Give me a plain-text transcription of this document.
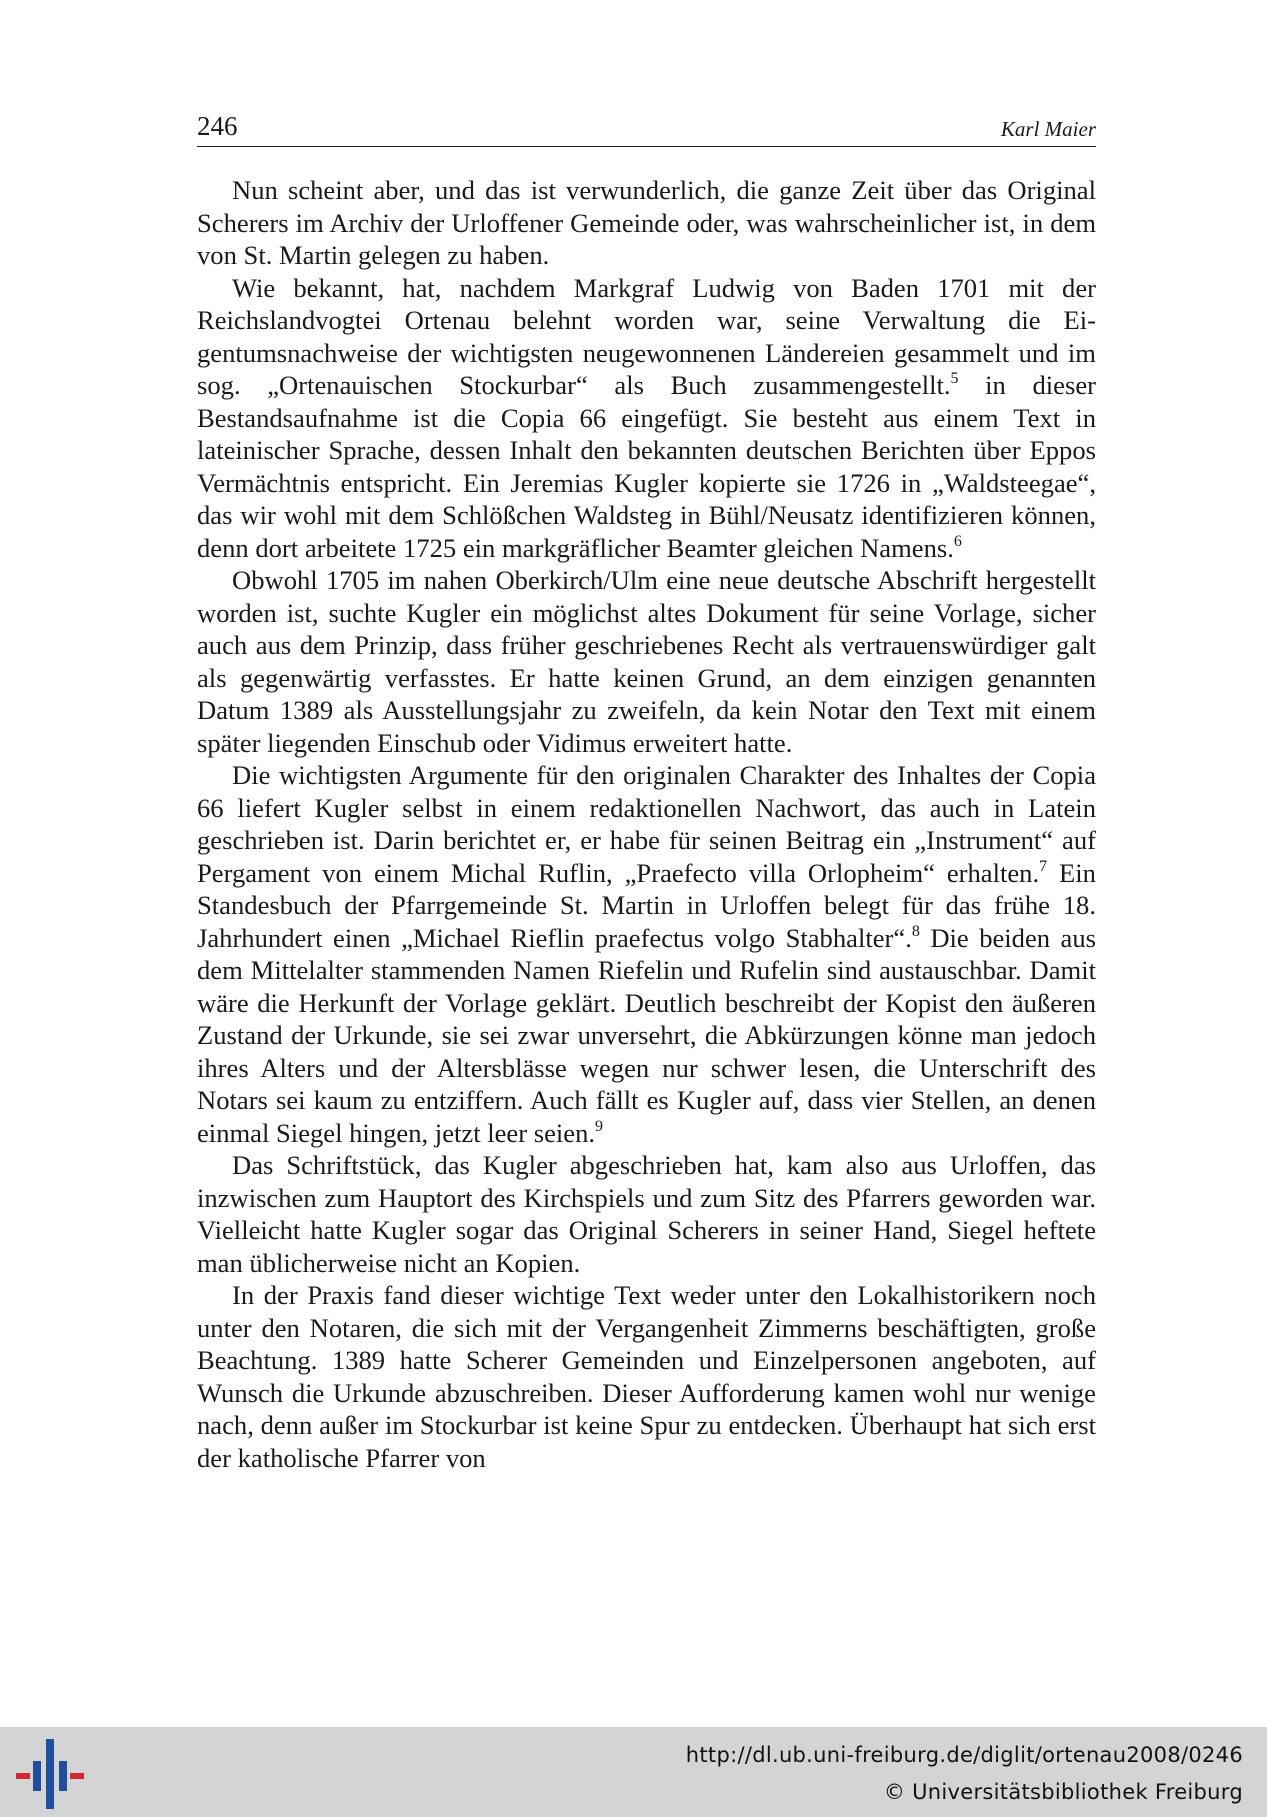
246	Karl Maier

Nun scheint aber, und das ist verwunderlich, die ganze Zeit über das Original Scherers im Archiv der Urloffener Gemeinde oder, was wahrscheinlicher ist, in dem von St. Martin gelegen zu haben.

Wie bekannt, hat, nachdem Markgraf Ludwig von Baden 1701 mit der Reichslandvogtei Ortenau belehnt worden war, seine Verwaltung die Eigentumsnachweise der wichtigsten neugewonnenen Ländereien gesammelt und im sog. „Ortenauischen Stockurbar“ als Buch zusammengestellt.$^5$ in dieser Bestandsaufnahme ist die Copia 66 eingefügt. Sie besteht aus einem Text in lateinischer Sprache, dessen Inhalt den bekannten deutschen Berichten über Eppos Vermächtnis entspricht. Ein Jeremias Kugler kopierte sie 1726 in „Waldsteegae“, das wir wohl mit dem Schlößchen Waldsteg in Bühl/Neusatz identifizieren können, denn dort arbeitete 1725 ein markgräflicher Beamter gleichen Namens.$^6$

Obwohl 1705 im nahen Oberkirch/Ulm eine neue deutsche Abschrift hergestellt worden ist, suchte Kugler ein möglichst altes Dokument für seine Vorlage, sicher auch aus dem Prinzip, dass früher geschriebenes Recht als vertrauenswürdiger galt als gegenwärtig verfasstes. Er hatte keinen Grund, an dem einzigen genannten Datum 1389 als Ausstellungsjahr zu zweifeln, da kein Notar den Text mit einem später liegenden Einschub oder Vidimus erweitert hatte.

Die wichtigsten Argumente für den originalen Charakter des Inhaltes der Copia 66 liefert Kugler selbst in einem redaktionellen Nachwort, das auch in Latein geschrieben ist. Darin berichtet er, er habe für seinen Beitrag ein „Instrument“ auf Pergament von einem Michal Ruflin, „Praefecto villa Orlopheim“ erhalten.$^7$ Ein Standesbuch der Pfarrgemeinde St. Martin in Urloffen belegt für das frühe 18. Jahrhundert einen „Michael Rieflin praefectus volgo Stabhalter“.$^8$ Die beiden aus dem Mittelalter stammenden Namen Riefelin und Rufelin sind austauschbar. Damit wäre die Herkunft der Vorlage geklärt. Deutlich beschreibt der Kopist den äußeren Zustand der Urkunde, sie sei zwar unversehrt, die Abkürzungen könne man jedoch ihres Alters und der Altersblässe wegen nur schwer lesen, die Unterschrift des Notars sei kaum zu entziffern. Auch fällt es Kugler auf, dass vier Stellen, an denen einmal Siegel hingen, jetzt leer seien.$^9$

Das Schriftstück, das Kugler abgeschrieben hat, kam also aus Urloffen, das inzwischen zum Hauptort des Kirchspiels und zum Sitz des Pfarrers geworden war. Vielleicht hatte Kugler sogar das Original Scherers in seiner Hand, Siegel heftete man üblicherweise nicht an Kopien.

In der Praxis fand dieser wichtige Text weder unter den Lokalhistorikern noch unter den Notaren, die sich mit der Vergangenheit Zimmerns beschäftigten, große Beachtung. 1389 hatte Scherer Gemeinden und Einzelpersonen angeboten, auf Wunsch die Urkunde abzuschreiben. Dieser Aufforderung kamen wohl nur wenige nach, denn außer im Stockurbar ist keine Spur zu entdecken. Überhaupt hat sich erst der katholische Pfarrer von

http://dl.ub.uni-freiburg.de/diglit/ortenau2008/0246
© Universitätsbibliothek Freiburg
